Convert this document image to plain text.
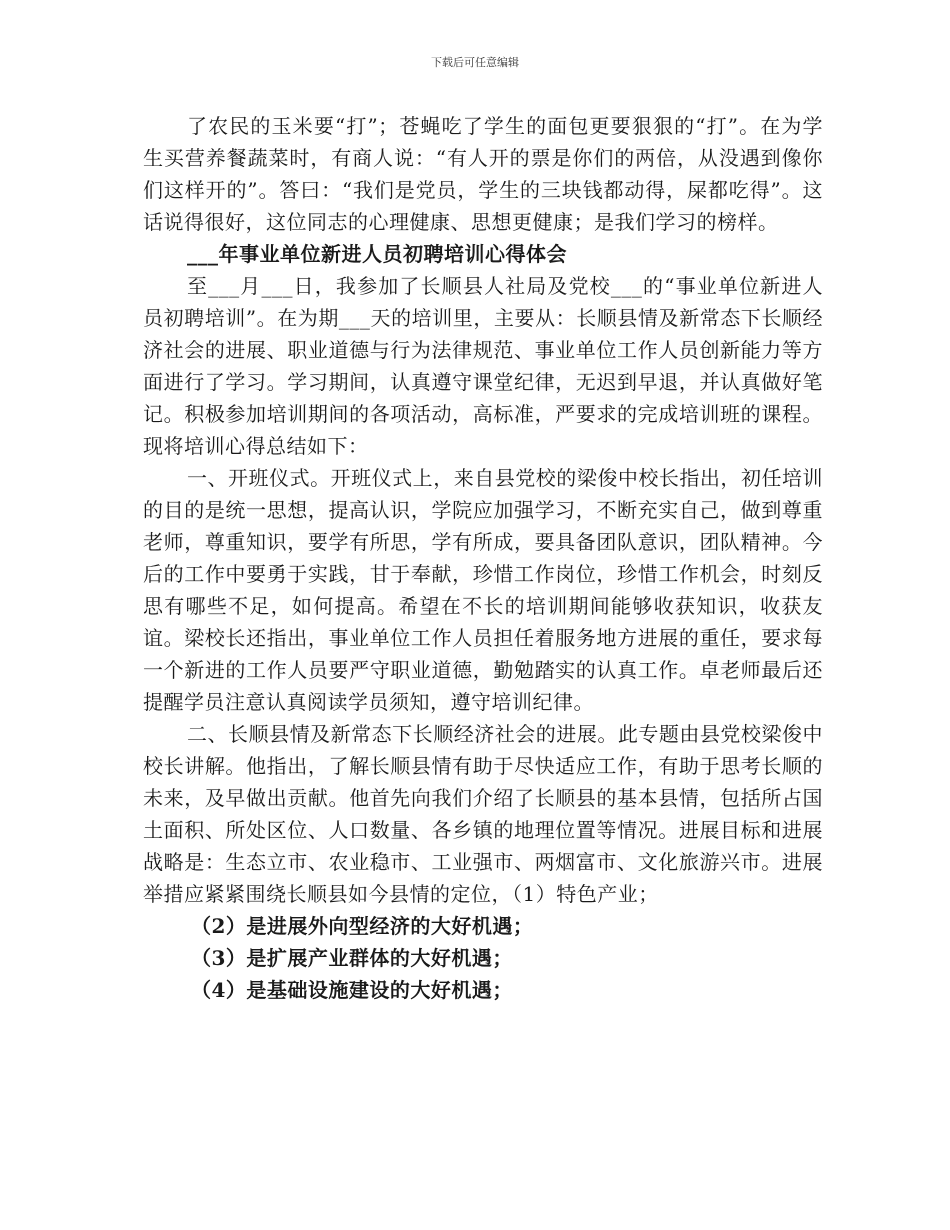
下载后可任意编辑

了农民的玉米要“打”；苍蝇吃了学生的面包更要狠狠的“打”。在为学生买营养餐蔬菜时，有商人说：“有人开的票是你们的两倍，从没遇到像你们这样开的”。答曰：“我们是党员，学生的三块钱都动得，屎都吃得”。这话说得很好，这位同志的心理健康、思想更健康；是我们学习的榜样。

___年事业单位新进人员初聘培训心得体会

至___月___日，我参加了长顺县人社局及党校___的“事业单位新进人员初聘培训”。在为期___天的培训里，主要从：长顺县情及新常态下长顺经济社会的进展、职业道德与行为法律规范、事业单位工作人员创新能力等方面进行了学习。学习期间，认真遵守课堂纪律，无迟到早退，并认真做好笔记。积极参加培训期间的各项活动，高标准，严要求的完成培训班的课程。现将培训心得总结如下：

一、开班仪式。开班仪式上，来自县党校的梁俊中校长指出，初任培训的目的是统一思想，提高认识，学院应加强学习，不断充实自己，做到尊重老师，尊重知识，要学有所思，学有所成，要具备团队意识，团队精神。今后的工作中要勇于实践，甘于奉献，珍惜工作岗位，珍惜工作机会，时刻反思有哪些不足，如何提高。希望在不长的培训期间能够收获知识，收获友谊。梁校长还指出，事业单位工作人员担任着服务地方进展的重任，要求每一个新进的工作人员要严守职业道德，勤勉踏实的认真工作。卓老师最后还提醒学员注意认真阅读学员须知，遵守培训纪律。

二、长顺县情及新常态下长顺经济社会的进展。此专题由县党校梁俊中校长讲解。他指出，了解长顺县情有助于尽快适应工作，有助于思考长顺的未来，及早做出贡献。他首先向我们介绍了长顺县的基本县情，包括所占国土面积、所处区位、人口数量、各乡镇的地理位置等情况。进展目标和进展战略是：生态立市、农业稳市、工业强市、两烟富市、文化旅游兴市。进展举措应紧紧围绕长顺县如今县情的定位，（1）特色产业；

（2）是进展外向型经济的大好机遇；

（3）是扩展产业群体的大好机遇；

（4）是基础设施建设的大好机遇；
